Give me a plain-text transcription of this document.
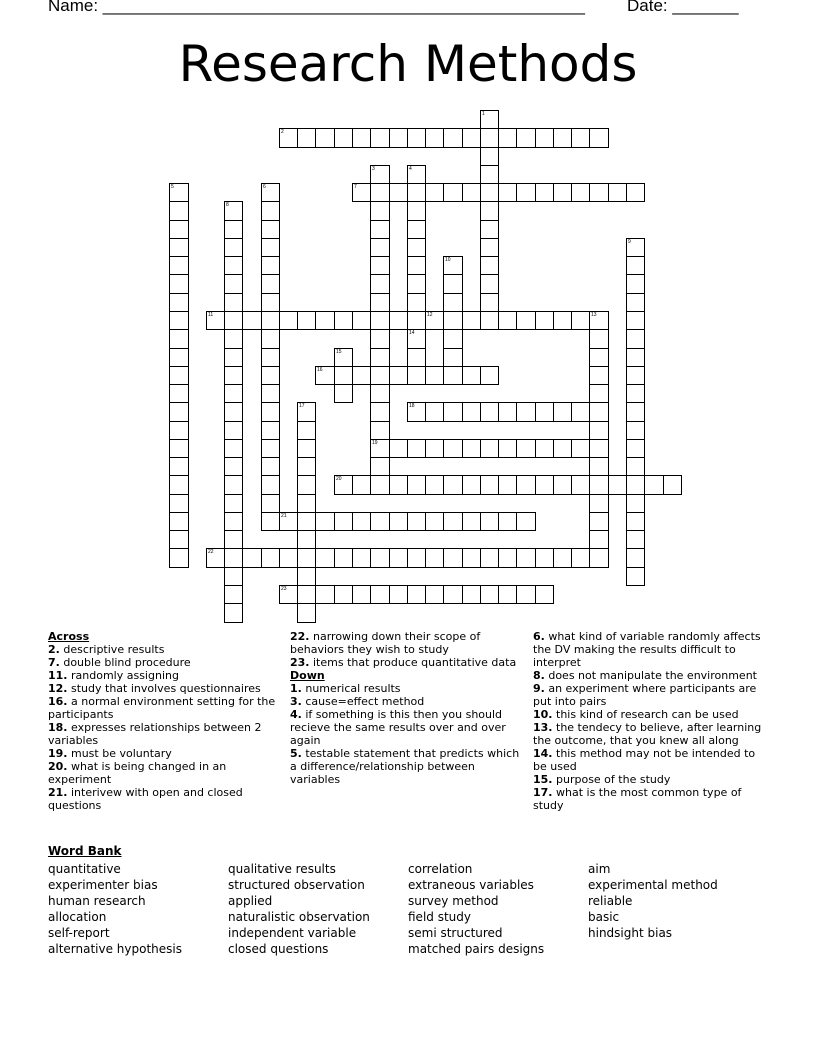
Name: ___________________________________________________ Date: _______
Research Methods
2
7
11	12	13
16
18
19
20
21
22
23
1
3	4
5	6
8
9
10
14
15
17
Across
2. descriptive results
7. double blind procedure
11. randomly assigning
12. study that involves questionnaires
16. a normal environment setting for the participants
18. expresses relationships between 2 variables
19. must be voluntary
20. what is being changed in an experiment
21. interivew with open and closed questions
22. narrowing down their scope of behaviors they wish to study
23. items that produce quantitative data
Down
1. numerical results
3. cause=effect method
4. if something is this then you should recieve the same results over and over again
5. testable statement that predicts which a difference/relationship between variables
6. what kind of variable randomly affects the DV making the results difficult to interpret
8. does not manipulate the environment
9. an experiment where participants are put into pairs
10. this kind of research can be used
13. the tendecy to believe, after learning the outcome, that you knew all along
14. this method may not be intended to be used
15. purpose of the study
17. what is the most common type of study
Word Bank
quantitative
experimenter bias
human research
allocation
self-report
alternative hypothesis
qualitative results
structured observation
applied
naturalistic observation
independent variable
closed questions
correlation
extraneous variables
survey method
field study
semi structured
matched pairs designs
aim
experimental method
reliable
basic
hindsight bias
